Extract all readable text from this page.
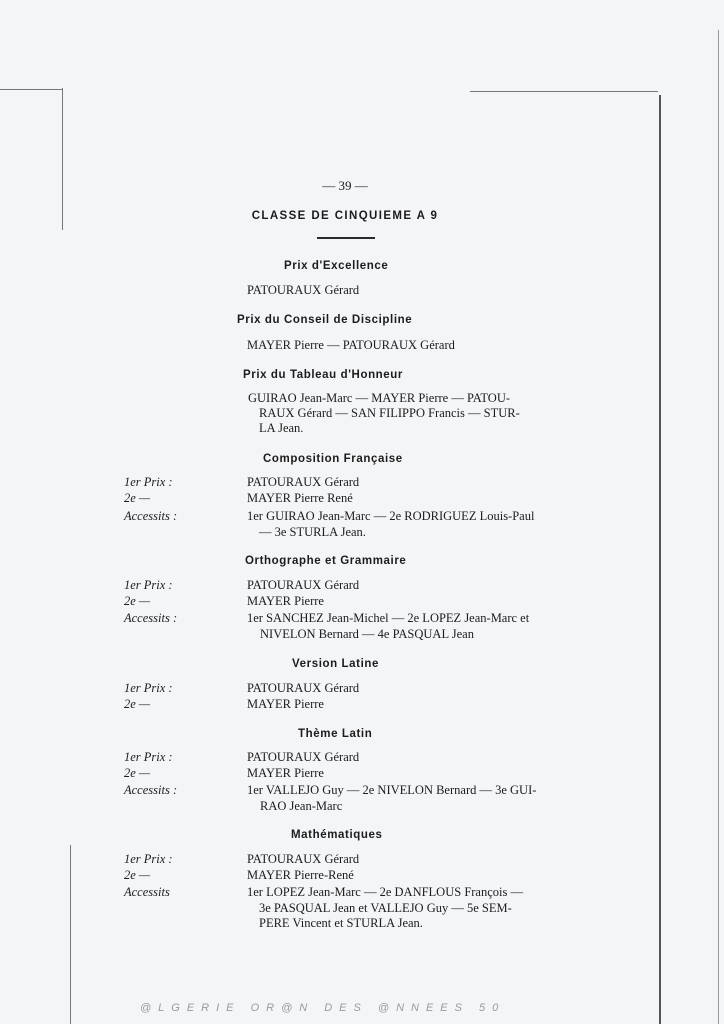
— 39 —
CLASSE DE CINQUIEME A 9
Prix d'Excellence
PATOURAUX Gérard
Prix du Conseil de Discipline
MAYER Pierre — PATOURAUX Gérard
Prix du Tableau d'Honneur
GUIRAO Jean-Marc — MAYER Pierre — PATOU-
RAUX Gérard — SAN FILIPPO Francis — STUR-
LA Jean.
Composition Française
1er Prix :
2e —
Accessits :
PATOURAUX Gérard
MAYER Pierre René
1er GUIRAO Jean-Marc — 2e RODRIGUEZ Louis-Paul
— 3e STURLA Jean.
Orthographe et Grammaire
1er Prix :
2e —
Accessits :
PATOURAUX Gérard
MAYER Pierre
1er SANCHEZ Jean-Michel — 2e LOPEZ Jean-Marc et
NIVELON Bernard — 4e PASQUAL Jean
Version Latine
1er Prix :
2e —
PATOURAUX Gérard
MAYER Pierre
Thème Latin
1er Prix :
2e —
Accessits :
PATOURAUX Gérard
MAYER Pierre
1er VALLEJO Guy — 2e NIVELON Bernard — 3e GUI-
RAO Jean-Marc
Mathématiques
1er Prix :
2e —
Accessits
PATOURAUX Gérard
MAYER Pierre-René
1er LOPEZ Jean-Marc — 2e DANFLOUS François —
3e PASQUAL Jean et VALLEJO Guy — 5e SEM-
PERE Vincent et STURLA Jean.
@LGERIE OR@N DES @NNEES 50
